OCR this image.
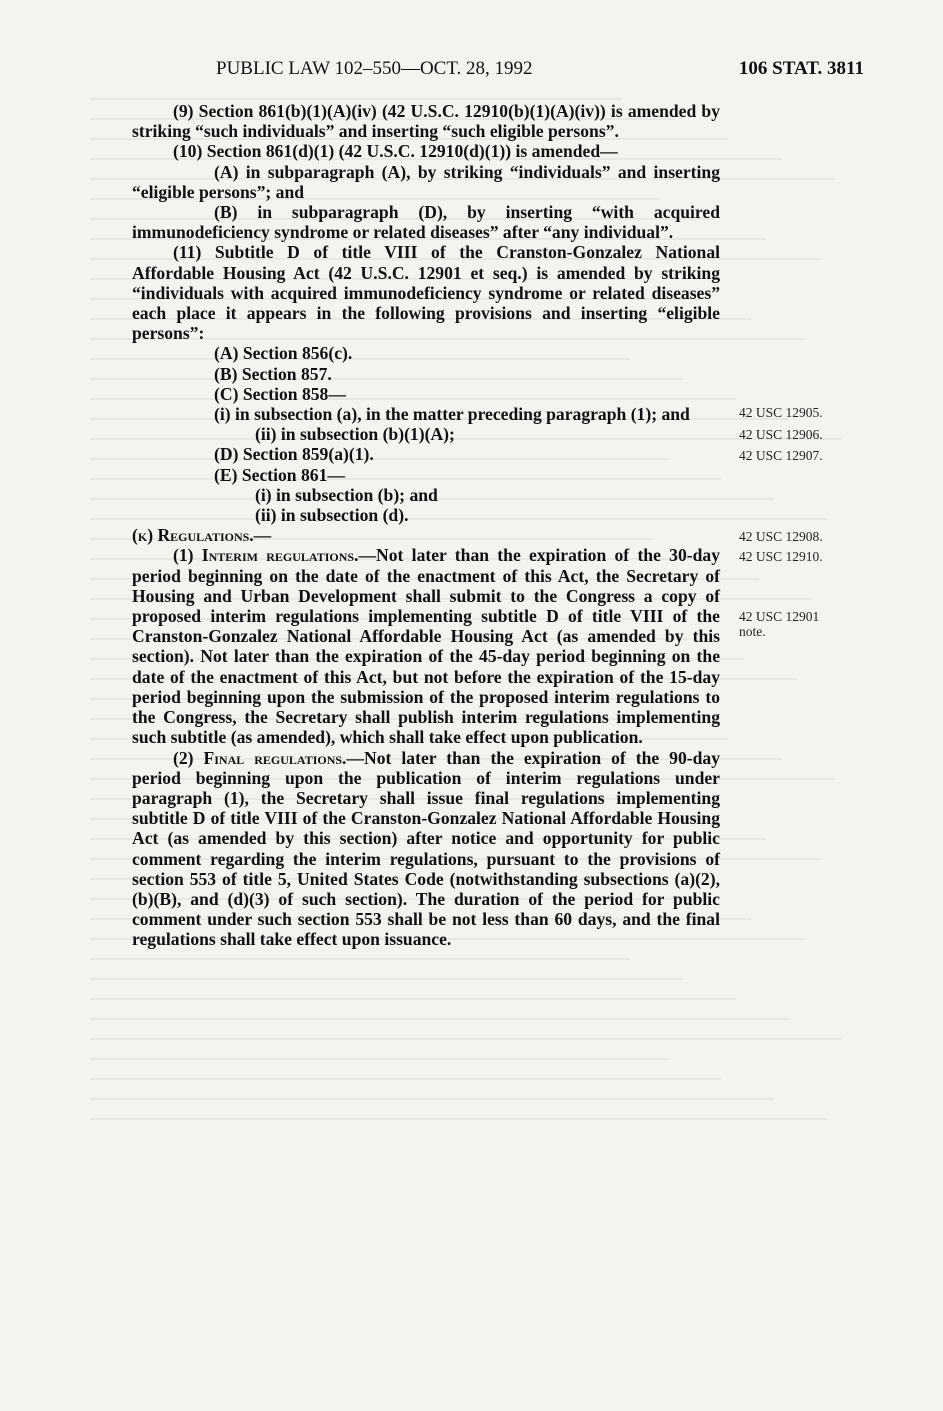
PUBLIC LAW 102–550—OCT. 28, 1992	106 STAT. 3811

(9) Section 861(b)(1)(A)(iv) (42 U.S.C. 12910(b)(1)(A)(iv)) is amended by striking “such individuals” and inserting “such eligible persons”.

(10) Section 861(d)(1) (42 U.S.C. 12910(d)(1)) is amended—

(A) in subparagraph (A), by striking “individuals” and inserting “eligible persons”; and

(B) in subparagraph (D), by inserting “with acquired immunodeficiency syndrome or related diseases” after “any individual”.

(11) Subtitle D of title VIII of the Cranston-Gonzalez National Affordable Housing Act (42 U.S.C. 12901 et seq.) is amended by striking “individuals with acquired immunodeficiency syndrome or related diseases” each place it appears in the following provisions and inserting “eligible persons”:

(A) Section 856(c).

(B) Section 857.

(C) Section 858—

(i) in subsection (a), in the matter preceding paragraph (1); and

(ii) in subsection (b)(1)(A);

(D) Section 859(a)(1).

(E) Section 861—

(i) in subsection (b); and

(ii) in subsection (d).

(k) Regulations.—

(1) Interim regulations.—Not later than the expiration of the 30-day period beginning on the date of the enactment of this Act, the Secretary of Housing and Urban Development shall submit to the Congress a copy of proposed interim regulations implementing subtitle D of title VIII of the Cranston-Gonzalez National Affordable Housing Act (as amended by this section). Not later than the expiration of the 45-day period beginning on the date of the enactment of this Act, but not before the expiration of the 15-day period beginning upon the submission of the proposed interim regulations to the Congress, the Secretary shall publish interim regulations implementing such subtitle (as amended), which shall take effect upon publication.

(2) Final regulations.—Not later than the expiration of the 90-day period beginning upon the publication of interim regulations under paragraph (1), the Secretary shall issue final regulations implementing subtitle D of title VIII of the Cranston-Gonzalez National Affordable Housing Act (as amended by this section) after notice and opportunity for public comment regarding the interim regulations, pursuant to the provisions of section 553 of title 5, United States Code (notwithstanding subsections (a)(2), (b)(B), and (d)(3) of such section). The duration of the period for public comment under such section 553 shall be not less than 60 days, and the final regulations shall take effect upon issuance.

42 USC 12905.
42 USC 12906.
42 USC 12907.
42 USC 12908.
42 USC 12910.
42 USC 12901
note.
